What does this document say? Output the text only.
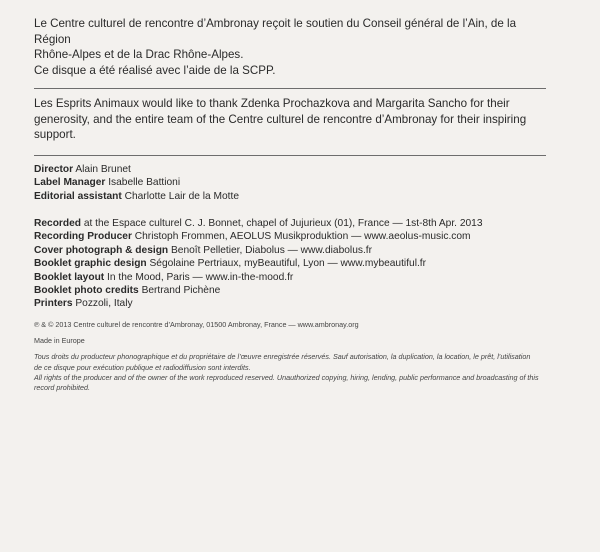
Le Centre culturel de rencontre d’Ambronay reçoit le soutien du Conseil général de l’Ain, de la Région
Rhône-Alpes et de la Drac Rhône-Alpes.
Ce disque a été réalisé avec l’aide de la SCPP.
Les Esprits Animaux would like to thank Zdenka Prochazkova and Margarita Sancho for their
generosity, and the entire team of the Centre culturel de rencontre d’Ambronay for their inspiring
support.
Director Alain Brunet
Label Manager Isabelle Battioni
Editorial assistant Charlotte Lair de la Motte
Recorded at the Espace culturel C. J. Bonnet, chapel of Jujurieux (01), France — 1st-8th Apr. 2013
Recording Producer Christoph Frommen, AEOLUS Musikproduktion — www.aeolus-music.com
Cover photograph & design Benoît Pelletier, Diabolus — www.diabolus.fr
Booklet graphic design Ségolaine Pertriaux, myBeautiful, Lyon — www.mybeautiful.fr
Booklet layout In the Mood, Paris — www.in-the-mood.fr
Booklet photo credits Bertrand Pichène
Printers Pozzoli, Italy
℗ & © 2013 Centre culturel de rencontre d’Ambronay, 01500 Ambronay, France — www.ambronay.org
Made in Europe
Tous droits du producteur phonographique et du propriétaire de l’œuvre enregistrée réservés. Sauf autorisation, la duplication, la location, le prêt, l’utilisation
de ce disque pour exécution publique et radiodiffusion sont interdits.
All rights of the producer and of the owner of the work reproduced reserved. Unauthorized copying, hiring, lending, public performance and broadcasting of this record prohibited.
